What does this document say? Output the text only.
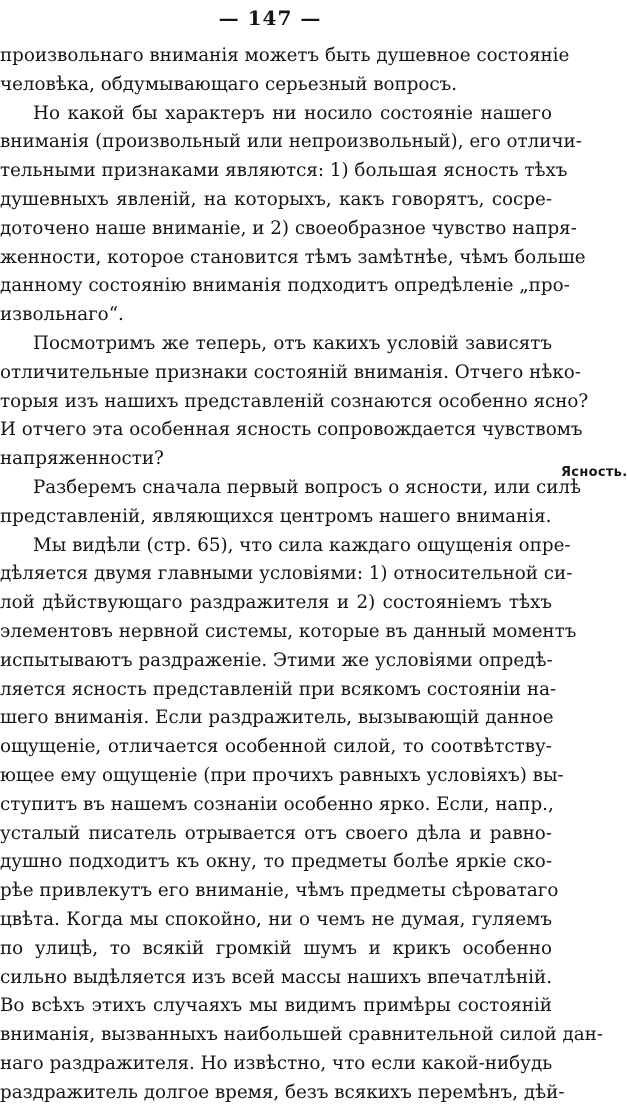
— 147 —
произвольнаго вниманія можетъ быть душевное состояніе
человѣка, обдумывающаго серьезный вопросъ.
Но какой бы характеръ ни носило состояніе нашего
вниманія (произвольный или непроизвольный), его отличи-
тельными признаками являются: 1) большая ясность тѣхъ
душевныхъ явленій, на которыхъ, какъ говорятъ, сосре-
доточено наше вниманіе, и 2) своеобразное чувство напря-
женности, которое становится тѣмъ замѣтнѣе, чѣмъ больше
данному состоянію вниманія подходитъ опредѣленіе „про-
извольнаго“.
Посмотримъ же теперь, отъ какихъ условій зависятъ
отличительные признаки состояній вниманія. Отчего нѣко-
торыя изъ нашихъ представленій сознаются особенно ясно?
И отчего эта особенная ясность сопровождается чувствомъ
напряженности?
Разберемъ сначала первый вопросъ о ясности, или силѣ
представленій, являющихся центромъ нашего вниманія.
Мы видѣли (стр. 65), что сила каждаго ощущенія опре-
дѣляется двумя главными условіями: 1) относительной си-
лой дѣйствующаго раздражителя и 2) состояніемъ тѣхъ
элементовъ нервной системы, которые въ данный моментъ
испытываютъ раздраженіе. Этими же условіями опредѣ-
ляется ясность представленій при всякомъ состояніи на-
шего вниманія. Если раздражитель, вызывающій данное
ощущеніе, отличается особенной силой, то соотвѣтству-
ющее ему ощущеніе (при прочихъ равныхъ условіяхъ) вы-
ступитъ въ нашемъ сознаніи особенно ярко. Если, напр.,
усталый писатель отрывается отъ своего дѣла и равно-
душно подходитъ къ окну, то предметы болѣе яркіе ско-
рѣе привлекутъ его вниманіе, чѣмъ предметы сѣроватаго
цвѣта. Когда мы спокойно, ни о чемъ не думая, гуляемъ
по улицѣ, то всякій громкій шумъ и крикъ особенно
сильно выдѣляется изъ всей массы нашихъ впечатлѣній.
Во всѣхъ этихъ случаяхъ мы видимъ примѣры состояній
вниманія, вызванныхъ наибольшей сравнительной силой дан-
наго раздражителя. Но извѣстно, что если какой-нибудь
раздражитель долгое время, безъ всякихъ перемѣнъ, дѣй-
Ясность.
